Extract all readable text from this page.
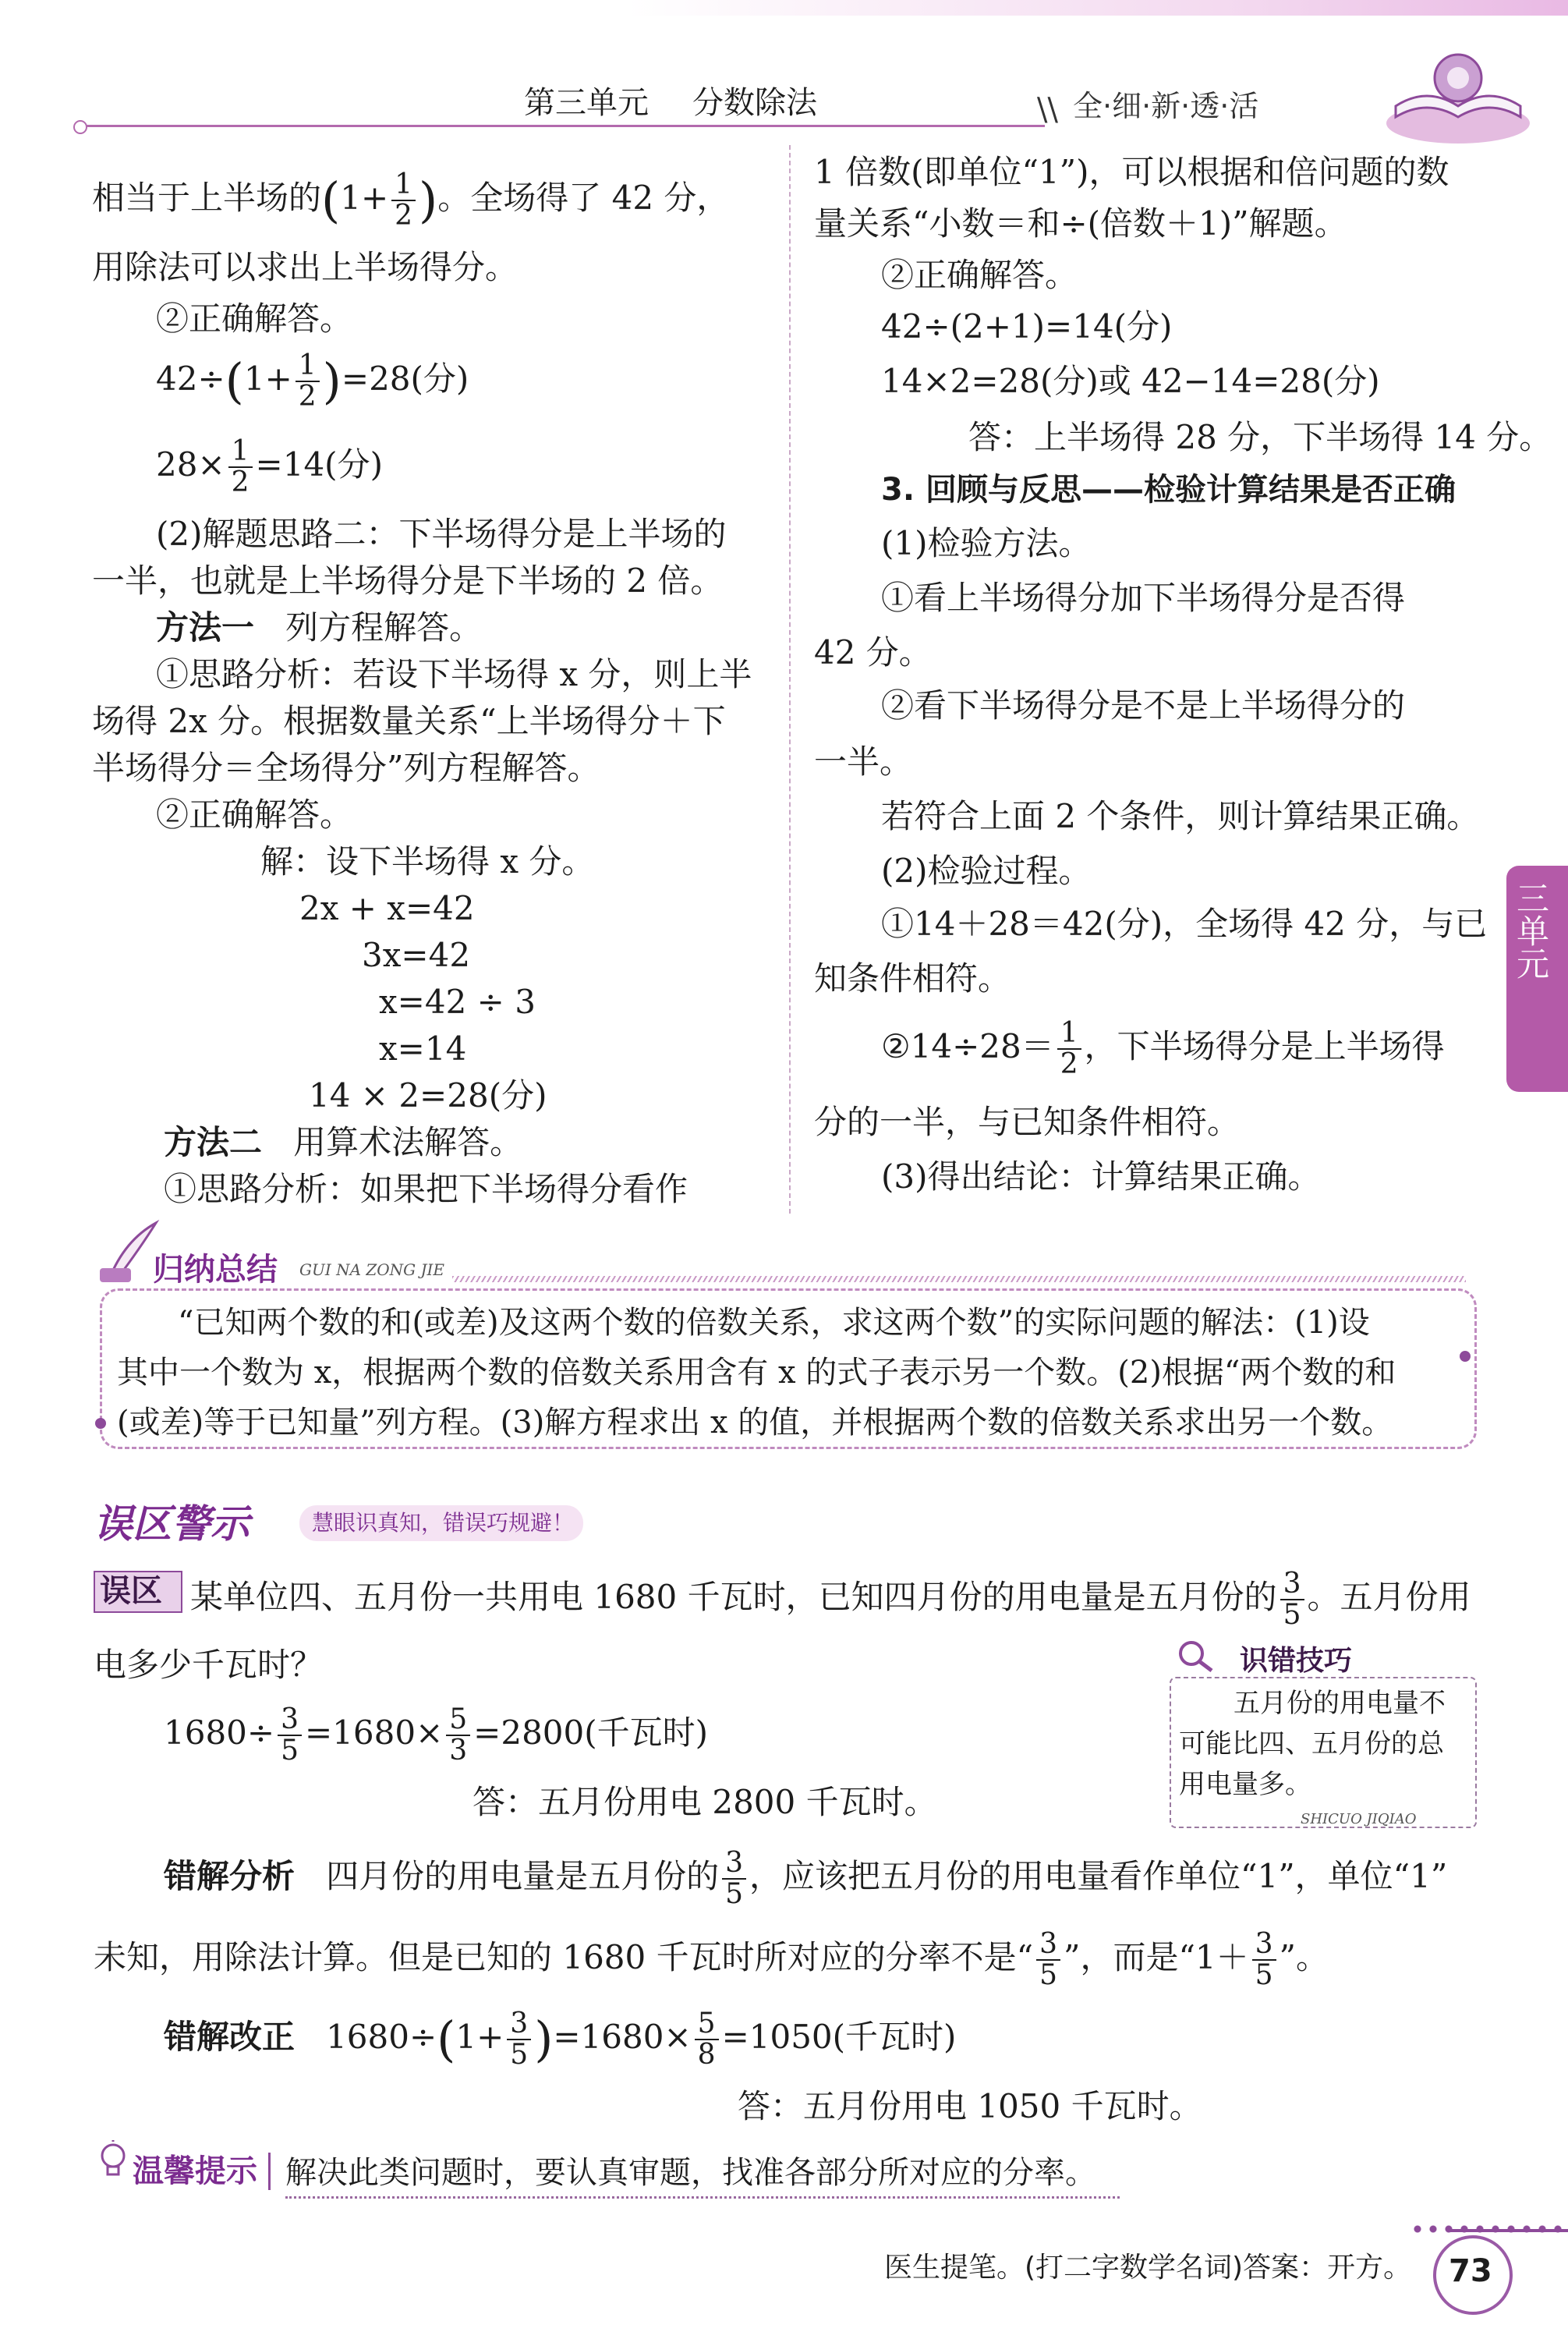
第三单元 分数除法	全·细·新·透·活
\\
三单元
相当于上半场的($1+ \frac{1}{2}$ )。全场得了 42 分，
用除法可以求出上半场得分。
②正确解答。
$42\div(1+ \frac{1}{2} )=28$(分)
$28\times \frac{1}{2} =14$(分)
(2)解题思路二：下半场得分是上半场的
一半，也就是上半场得分是下半场的 2 倍。
方法一 列方程解答。
①思路分析：若设下半场得 x 分，则上半
场得 2x 分。根据数量关系“上半场得分＋下
半场得分＝全场得分”列方程解答。
②正确解答。
解：设下半场得 x 分。
2x + x=42
3x=42
x=42 ÷ 3
x=14
14 × 2=28(分)
方法二 用算术法解答。
①思路分析：如果把下半场得分看作
1 倍数(即单位“1”)，可以根据和倍问题的数
量关系“小数＝和÷(倍数＋1)”解题。
②正确解答。
42÷(2+1)=14(分)
14×2=28(分)或 42−14=28(分)
答：上半场得 28 分，下半场得 14 分。
3. 回顾与反思——检验计算结果是否正确
(1)检验方法。
①看上半场得分加下半场得分是否得
42 分。
②看下半场得分是不是上半场得分的
一半。
若符合上面 2 个条件，则计算结果正确。
(2)检验过程。
①14＋28＝42(分)，全场得 42 分，与已
知条件相符。
②14÷28＝ $\frac{1}{2}$ ，下半场得分是上半场得
分的一半，与已知条件相符。
(3)得出结论：计算结果正确。
归纳总结 GUI NA ZONG JIE
“已知两个数的和(或差)及这两个数的倍数关系，求这两个数”的实际问题的解法：(1)设
其中一个数为 x，根据两个数的倍数关系用含有 x 的式子表示另一个数。(2)根据“两个数的和
(或差)等于已知量”列方程。(3)解方程求出 x 的值，并根据两个数的倍数关系求出另一个数。
误区警示	慧眼识真知，错误巧规避！
误区 某单位四、五月份一共用电 1680 千瓦时，已知四月份的用电量是五月份的 $\frac{3}{5}$ 。五月份用
电多少千瓦时？
$1680\div \frac{3}{5} =1680\times \frac{5}{3} =2800$(千瓦时)
答：五月份用电 2800 千瓦时。
识错技巧
五月份的用电量不
可能比四、五月份的总
用电量多。
SHICUO JIQIAO
错解分析 四月份的用电量是五月份的 $\frac{3}{5}$ ，应该把五月份的用电量看作单位“1”，单位“1”
未知，用除法计算。但是已知的 1680 千瓦时所对应的分率不是“ $\frac{3}{5}$ ”，而是“$1+ \frac{3}{5}$ ”。
错解改正 $1680\div(1+ \frac{3}{5} )=1680\times \frac{5}{8} =1050$(千瓦时)
答：五月份用电 1050 千瓦时。
温馨提示 解决此类问题时，要认真审题，找准各部分所对应的分率。
医生提笔。(打二字数学名词)答案：开方。 73
